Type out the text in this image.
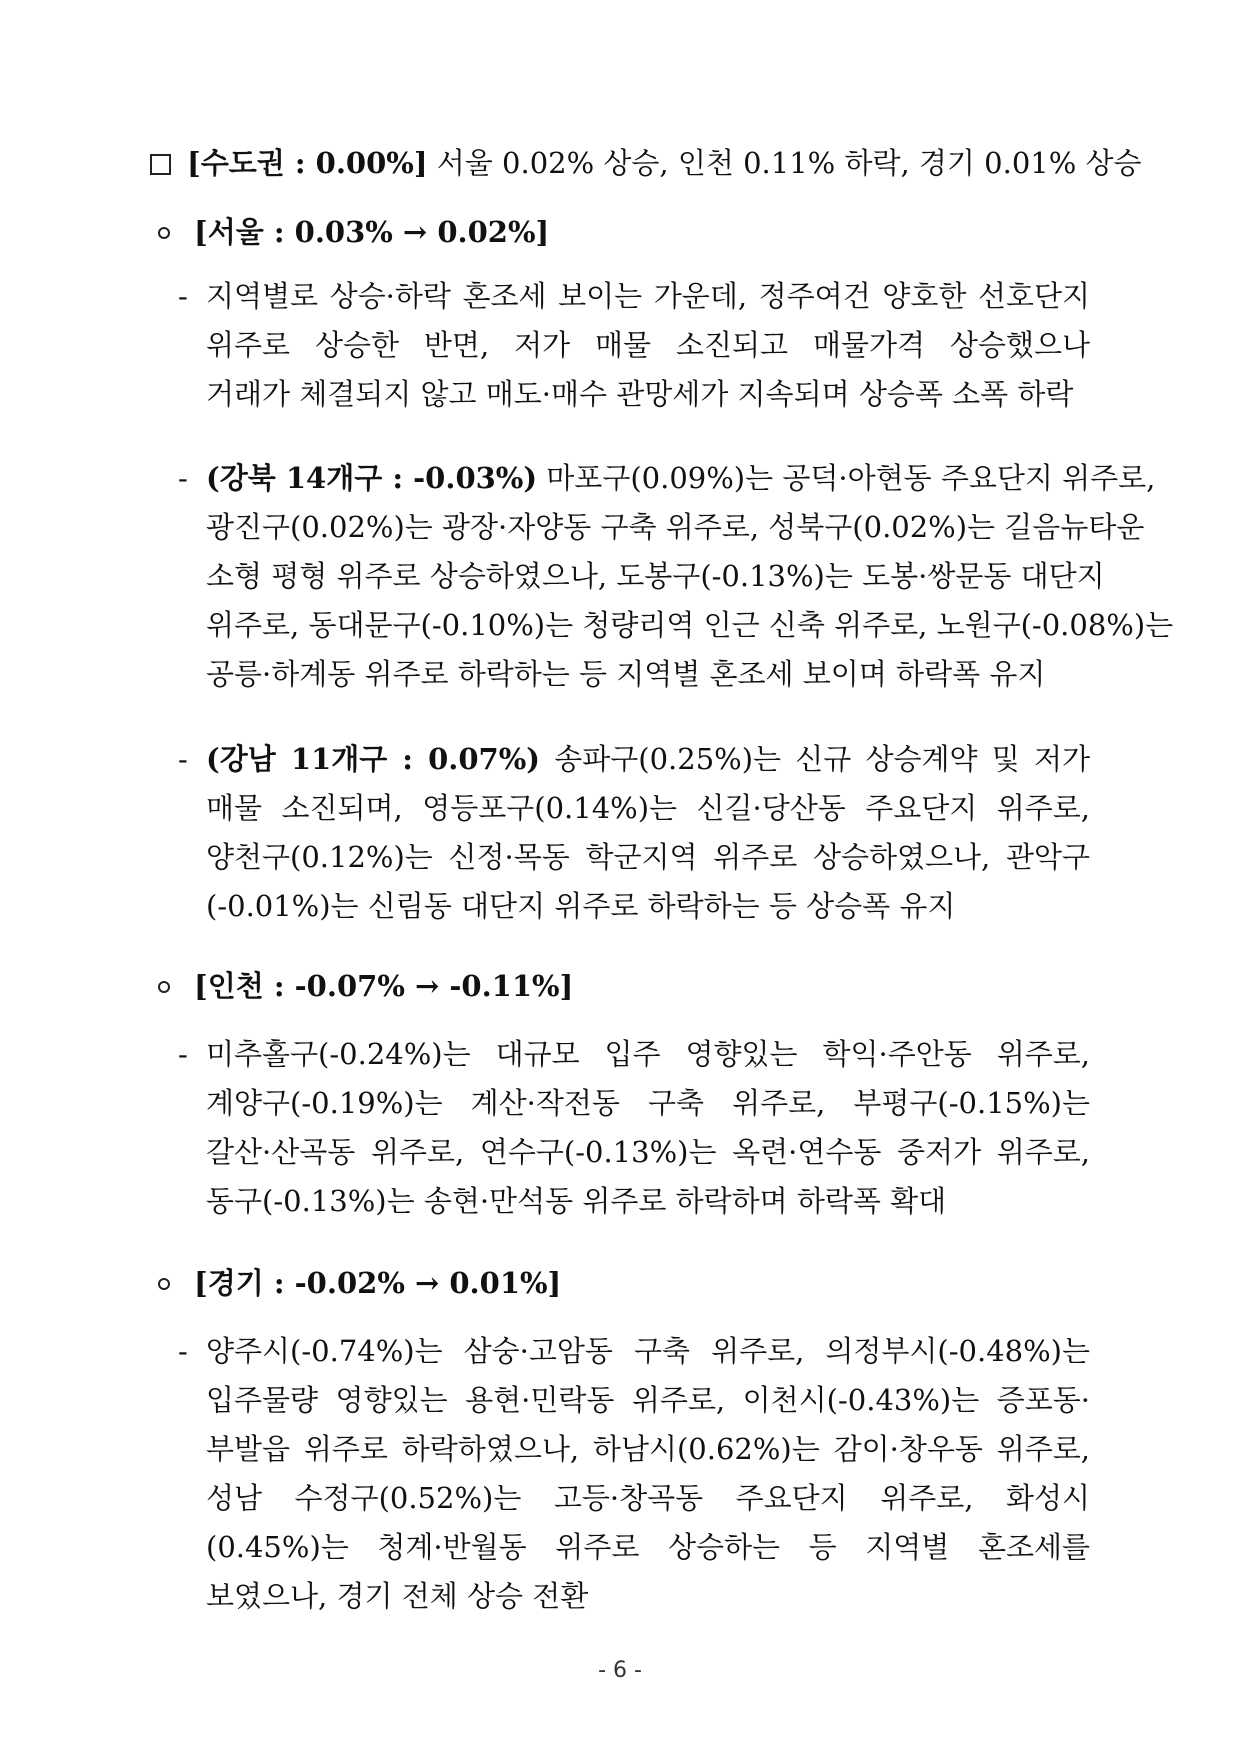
[수도권 : 0.00%] 서울 0.02% 상승, 인천 0.11% 하락, 경기 0.01% 상승
[서울 : 0.03% → 0.02%]
- 지역별로 상승·하락 혼조세 보이는 가운데, 정주여건 양호한 선호단지
위주로 상승한 반면, 저가 매물 소진되고 매물가격 상승했으나
거래가 체결되지 않고 매도·매수 관망세가 지속되며 상승폭 소폭 하락
- (강북 14개구 : -0.03%) 마포구(0.09%)는 공덕·아현동 주요단지 위주로,
광진구(0.02%)는 광장·자양동 구축 위주로, 성북구(0.02%)는 길음뉴타운
소형 평형 위주로 상승하였으나, 도봉구(-0.13%)는 도봉·쌍문동 대단지
위주로, 동대문구(-0.10%)는 청량리역 인근 신축 위주로, 노원구(-0.08%)는
공릉·하계동 위주로 하락하는 등 지역별 혼조세 보이며 하락폭 유지
- (강남 11개구 : 0.07%) 송파구(0.25%)는 신규 상승계약 및 저가
매물 소진되며, 영등포구(0.14%)는 신길·당산동 주요단지 위주로,
양천구(0.12%)는 신정·목동 학군지역 위주로 상승하였으나, 관악구
(-0.01%)는 신림동 대단지 위주로 하락하는 등 상승폭 유지
[인천 : -0.07% → -0.11%]
- 미추홀구(-0.24%)는 대규모 입주 영향있는 학익·주안동 위주로,
계양구(-0.19%)는 계산·작전동 구축 위주로, 부평구(-0.15%)는
갈산·산곡동 위주로, 연수구(-0.13%)는 옥련·연수동 중저가 위주로,
동구(-0.13%)는 송현·만석동 위주로 하락하며 하락폭 확대
[경기 : -0.02% → 0.01%]
- 양주시(-0.74%)는 삼숭·고암동 구축 위주로, 의정부시(-0.48%)는
입주물량 영향있는 용현·민락동 위주로, 이천시(-0.43%)는 증포동·
부발읍 위주로 하락하였으나, 하남시(0.62%)는 감이·창우동 위주로,
성남 수정구(0.52%)는 고등·창곡동 주요단지 위주로, 화성시
(0.45%)는 청계·반월동 위주로 상승하는 등 지역별 혼조세를
보였으나, 경기 전체 상승 전환
- 6 -
